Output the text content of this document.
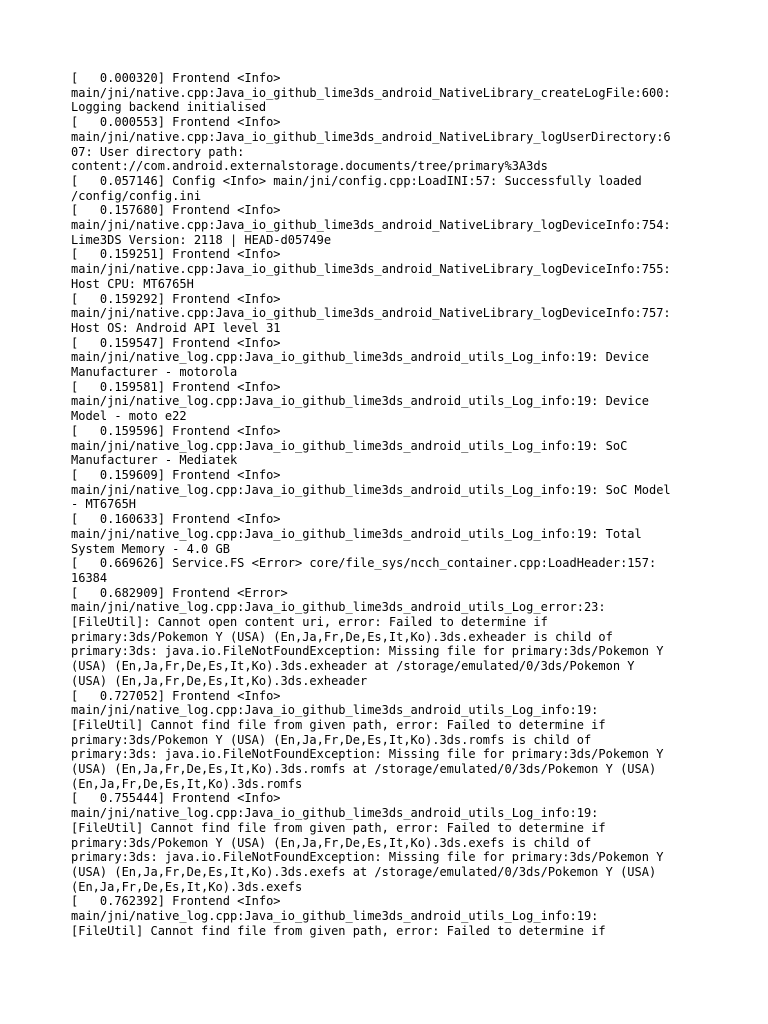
[   0.000320] Frontend <Info>
main/jni/native.cpp:Java_io_github_lime3ds_android_NativeLibrary_createLogFile:600:
Logging backend initialised
[   0.000553] Frontend <Info>
main/jni/native.cpp:Java_io_github_lime3ds_android_NativeLibrary_logUserDirectory:6
07: User directory path:
content://com.android.externalstorage.documents/tree/primary%3A3ds
[   0.057146] Config <Info> main/jni/config.cpp:LoadINI:57: Successfully loaded
/config/config.ini
[   0.157680] Frontend <Info>
main/jni/native.cpp:Java_io_github_lime3ds_android_NativeLibrary_logDeviceInfo:754:
Lime3DS Version: 2118 | HEAD-d05749e
[   0.159251] Frontend <Info>
main/jni/native.cpp:Java_io_github_lime3ds_android_NativeLibrary_logDeviceInfo:755:
Host CPU: MT6765H
[   0.159292] Frontend <Info>
main/jni/native.cpp:Java_io_github_lime3ds_android_NativeLibrary_logDeviceInfo:757:
Host OS: Android API level 31
[   0.159547] Frontend <Info>
main/jni/native_log.cpp:Java_io_github_lime3ds_android_utils_Log_info:19: Device
Manufacturer - motorola
[   0.159581] Frontend <Info>
main/jni/native_log.cpp:Java_io_github_lime3ds_android_utils_Log_info:19: Device
Model - moto e22
[   0.159596] Frontend <Info>
main/jni/native_log.cpp:Java_io_github_lime3ds_android_utils_Log_info:19: SoC
Manufacturer - Mediatek
[   0.159609] Frontend <Info>
main/jni/native_log.cpp:Java_io_github_lime3ds_android_utils_Log_info:19: SoC Model
- MT6765H
[   0.160633] Frontend <Info>
main/jni/native_log.cpp:Java_io_github_lime3ds_android_utils_Log_info:19: Total
System Memory - 4.0 GB
[   0.669626] Service.FS <Error> core/file_sys/ncch_container.cpp:LoadHeader:157:
16384
[   0.682909] Frontend <Error>
main/jni/native_log.cpp:Java_io_github_lime3ds_android_utils_Log_error:23:
[FileUtil]: Cannot open content uri, error: Failed to determine if
primary:3ds/Pokemon Y (USA) (En,Ja,Fr,De,Es,It,Ko).3ds.exheader is child of
primary:3ds: java.io.FileNotFoundException: Missing file for primary:3ds/Pokemon Y
(USA) (En,Ja,Fr,De,Es,It,Ko).3ds.exheader at /storage/emulated/0/3ds/Pokemon Y
(USA) (En,Ja,Fr,De,Es,It,Ko).3ds.exheader
[   0.727052] Frontend <Info>
main/jni/native_log.cpp:Java_io_github_lime3ds_android_utils_Log_info:19:
[FileUtil] Cannot find file from given path, error: Failed to determine if
primary:3ds/Pokemon Y (USA) (En,Ja,Fr,De,Es,It,Ko).3ds.romfs is child of
primary:3ds: java.io.FileNotFoundException: Missing file for primary:3ds/Pokemon Y
(USA) (En,Ja,Fr,De,Es,It,Ko).3ds.romfs at /storage/emulated/0/3ds/Pokemon Y (USA)
(En,Ja,Fr,De,Es,It,Ko).3ds.romfs
[   0.755444] Frontend <Info>
main/jni/native_log.cpp:Java_io_github_lime3ds_android_utils_Log_info:19:
[FileUtil] Cannot find file from given path, error: Failed to determine if
primary:3ds/Pokemon Y (USA) (En,Ja,Fr,De,Es,It,Ko).3ds.exefs is child of
primary:3ds: java.io.FileNotFoundException: Missing file for primary:3ds/Pokemon Y
(USA) (En,Ja,Fr,De,Es,It,Ko).3ds.exefs at /storage/emulated/0/3ds/Pokemon Y (USA)
(En,Ja,Fr,De,Es,It,Ko).3ds.exefs
[   0.762392] Frontend <Info>
main/jni/native_log.cpp:Java_io_github_lime3ds_android_utils_Log_info:19:
[FileUtil] Cannot find file from given path, error: Failed to determine if
